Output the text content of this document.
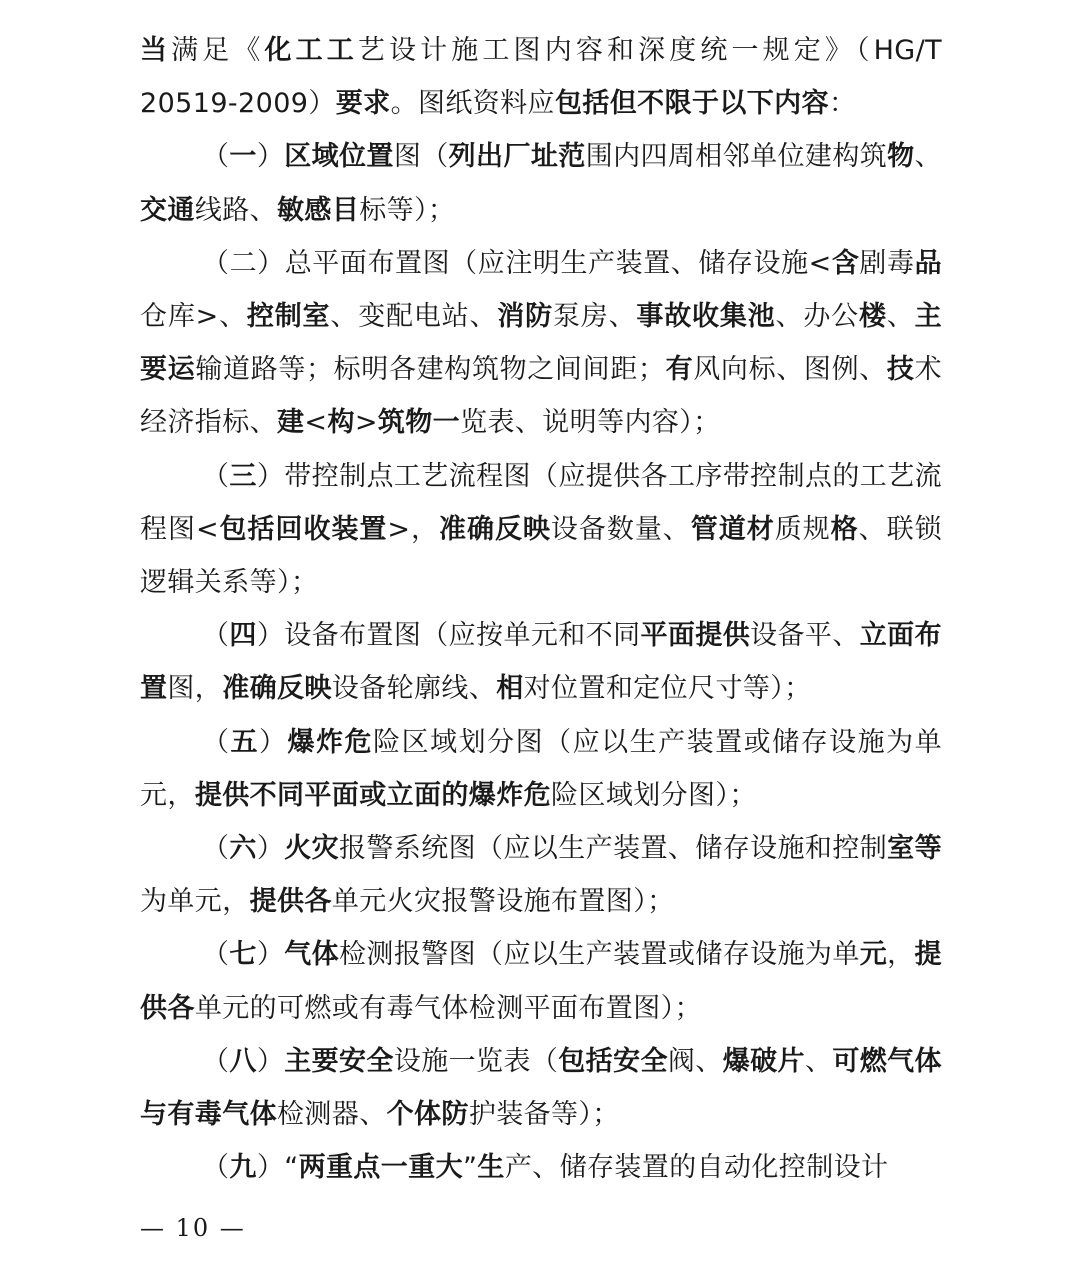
当满足《化工工艺设计施工图内容和深度统一规定》（HG/T 20519-2009）要求。图纸资料应包括但不限于以下内容：

（一）区域位置图（列出厂址范围内四周相邻单位建构筑物、交通线路、敏感目标等）；

（二）总平面布置图（应注明生产装置、储存设施<含剧毒品仓库>、控制室、变配电站、消防泵房、事故收集池、办公楼、主要运输道路等；标明各建构筑物之间间距；有风向标、图例、技术经济指标、建<构>筑物一览表、说明等内容）；

（三）带控制点工艺流程图（应提供各工序带控制点的工艺流程图<包括回收装置>，准确反映设备数量、管道材质规格、联锁逻辑关系等）；

（四）设备布置图（应按单元和不同平面提供设备平、立面布置图，准确反映设备轮廓线、相对位置和定位尺寸等）；

（五）爆炸危险区域划分图（应以生产装置或储存设施为单元，提供不同平面或立面的爆炸危险区域划分图）；

（六）火灾报警系统图（应以生产装置、储存设施和控制室等为单元，提供各单元火灾报警设施布置图）；

（七）气体检测报警图（应以生产装置或储存设施为单元，提供各单元的可燃或有毒气体检测平面布置图）；

（八）主要安全设施一览表（包括安全阀、爆破片、可燃气体与有毒气体检测器、个体防护装备等）；

（九）“两重点一重大”生产、储存装置的自动化控制设计

— 10 —
